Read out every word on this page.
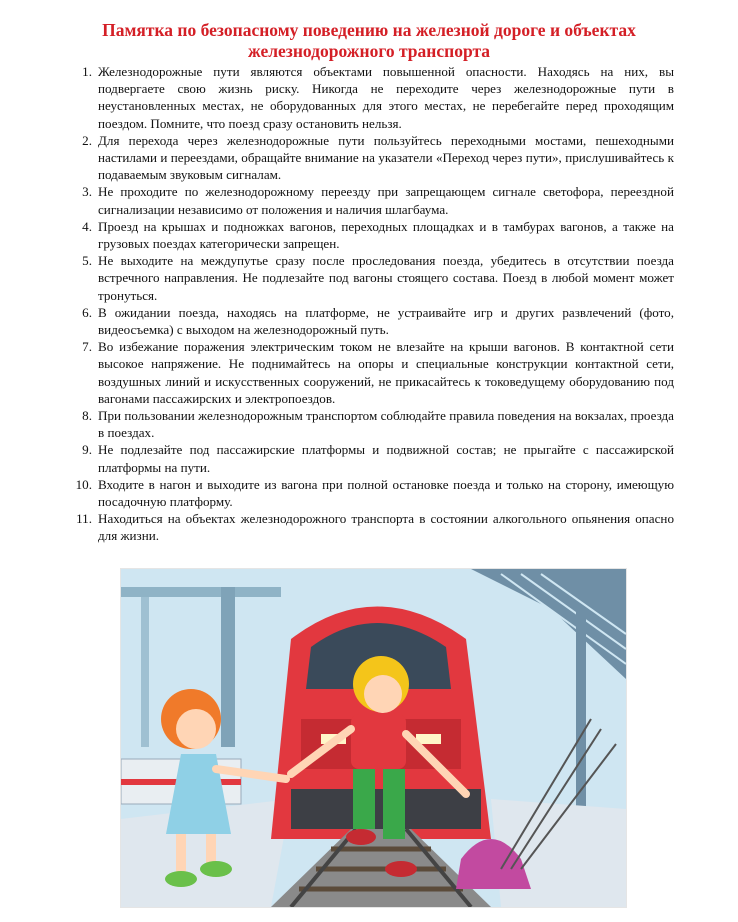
Памятка по безопасному поведению на железной дороге и объектах железнодорожного транспорта
1. Железнодорожные пути являются объектами повышенной опасности. Находясь на них, вы подвергаете свою жизнь риску. Никогда не переходите через железнодорожные пути в неустановленных местах, не оборудованных для этого местах, не перебегайте перед проходящим поездом. Помните, что поезд сразу остановить нельзя.
2. Для перехода через железнодорожные пути пользуйтесь переходными мостами, пешеходными настилами и переездами, обращайте внимание на указатели «Переход через пути», прислушивайтесь к подаваемым звуковым сигналам.
3. Не проходите по железнодорожному переезду при запрещающем сигнале светофора, переездной сигнализации независимо от положения и наличия шлагбаума.
4. Проезд на крышах и подножках вагонов, переходных площадках и в тамбурах вагонов, а также на грузовых поездах категорически запрещен.
5. Не выходите на междупутье сразу после проследования поезда, убедитесь в отсутствии поезда встречного направления. Не подлезайте под вагоны стоящего состава. Поезд в любой момент может тронуться.
6. В ожидании поезда, находясь на платформе, не устраивайте игр и других развлечений (фото, видеосъемка) с выходом на железнодорожный путь.
7. Во избежание поражения электрическим током не влезайте на крыши вагонов. В контактной сети высокое напряжение. Не поднимайтесь на опоры и специальные конструкции контактной сети, воздушных линий и искусственных сооружений, не прикасайтесь к токоведущему оборудованию под вагонами пассажирских и электропоездов.
8. При пользовании железнодорожным транспортом соблюдайте правила поведения на вокзалах, проезда в поездах.
9. Не подлезайте под пассажирские платформы и подвижной состав; не прыгайте с пассажирской платформы на пути.
10. Входите в нагон и выходите из вагона при полной остановке поезда и только на сторону, имеющую посадочную платформу.
11. Находиться на объектах железнодорожного транспорта в состоянии алкогольного опьянения опасно для жизни.
